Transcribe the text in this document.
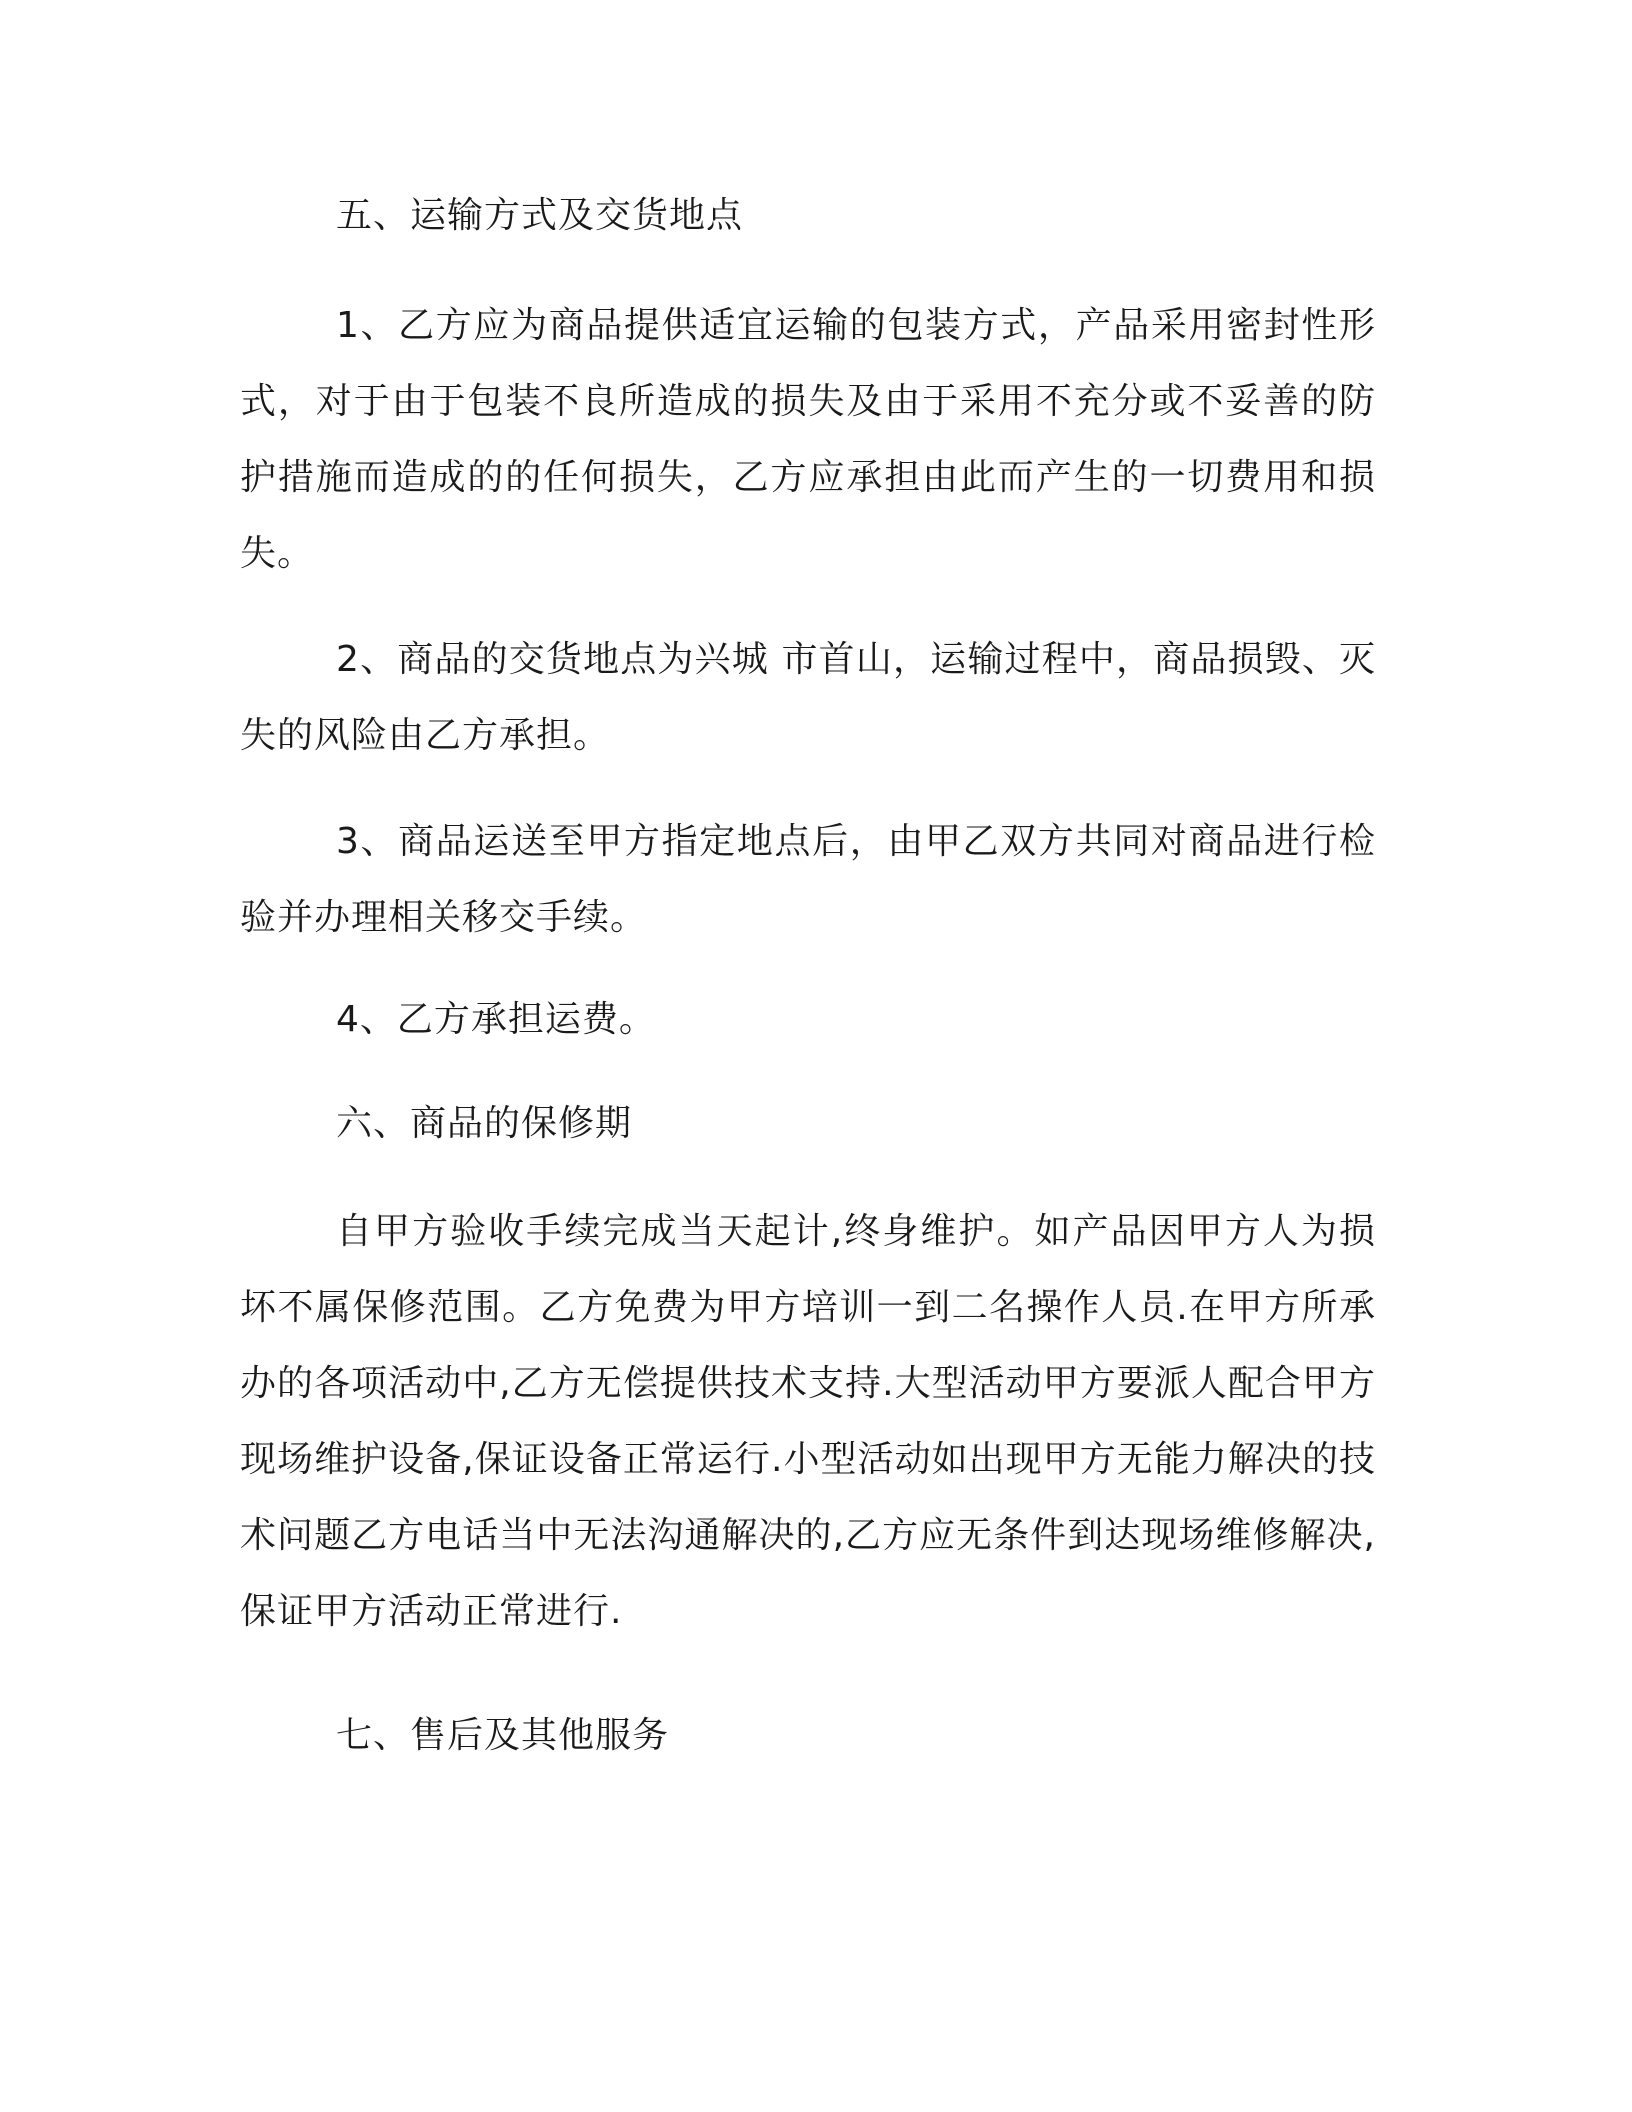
五、运输方式及交货地点

1、乙方应为商品提供适宜运输的包装方式，产品采用密封性形式，对于由于包装不良所造成的损失及由于采用不充分或不妥善的防护措施而造成的的任何损失，乙方应承担由此而产生的一切费用和损失。

2、商品的交货地点为兴城 市首山，运输过程中，商品损毁、灭失的风险由乙方承担。

3、商品运送至甲方指定地点后，由甲乙双方共同对商品进行检验并办理相关移交手续。

4、乙方承担运费。

六、商品的保修期

自甲方验收手续完成当天起计,终身维护。如产品因甲方人为损坏不属保修范围。乙方免费为甲方培训一到二名操作人员.在甲方所承办的各项活动中,乙方无偿提供技术支持.大型活动甲方要派人配合甲方现场维护设备,保证设备正常运行.小型活动如出现甲方无能力解决的技术问题乙方电话当中无法沟通解决的,乙方应无条件到达现场维修解决,保证甲方活动正常进行.

七、售后及其他服务
